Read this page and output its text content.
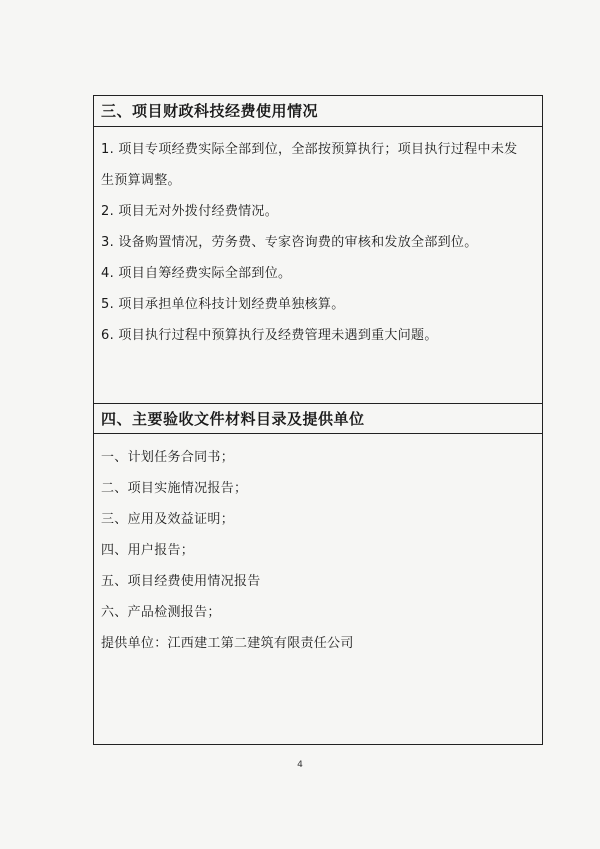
三、项目财政科技经费使用情况
1. 项目专项经费实际全部到位，全部按预算执行；项目执行过程中未发
生预算调整。
2. 项目无对外拨付经费情况。
3. 设备购置情况，劳务费、专家咨询费的审核和发放全部到位。
4. 项目自筹经费实际全部到位。
5. 项目承担单位科技计划经费单独核算。
6. 项目执行过程中预算执行及经费管理未遇到重大问题。
四、主要验收文件材料目录及提供单位
一、计划任务合同书；
二、项目实施情况报告；
三、应用及效益证明；
四、用户报告；
五、项目经费使用情况报告
六、产品检测报告；
提供单位：江西建工第二建筑有限责任公司
4
